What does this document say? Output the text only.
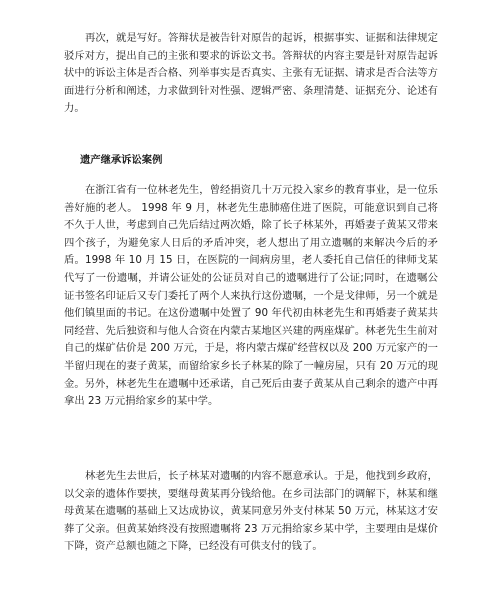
再次，就是写好。答辩状是被告针对原告的起诉，根据事实、证据和法律规定驳斥对方，提出自己的主张和要求的诉讼文书。答辩状的内容主要是针对原告起诉状中的诉讼主体是否合格、列举事实是否真实、主张有无证据、请求是否合法等方面进行分析和阐述，力求做到针对性强、逻辑严密、条理清楚、证据充分、论述有力。

遗产继承诉讼案例

在浙江省有一位林老先生，曾经捐资几十万元投入家乡的教育事业，是一位乐善好施的老人。 1998 年 9 月，林老先生患肺癌住进了医院，可能意识到自己将不久于人世，考虑到自己先后结过两次婚，除了长子林某外，再婚妻子黄某又带来四个孩子，为避免家人日后的矛盾冲突，老人想出了用立遗嘱的来解决今后的矛盾。1998 年 10 月 15 日，在医院的一间病房里，老人委托自己信任的律师戈某代写了一份遗嘱，并请公证处的公证员对自己的遗嘱进行了公证;同时，在遗嘱公证书签名印证后又专门委托了两个人来执行这份遗嘱，一个是戈律师，另一个就是他们镇里面的书记。在这份遗嘱中处置了 90 年代初由林老先生和再婚妻子黄某共同经营、先后独资和与他人合资在内蒙古某地区兴建的两座煤矿。林老先生生前对自己的煤矿估价是 200 万元，于是，将内蒙古煤矿经营权以及 200 万元家产的一半留归现在的妻子黄某，而留给家乡长子林某的除了一幢房屋，只有 20 万元的现金。另外，林老先生在遗嘱中还承诺，自己死后由妻子黄某从自己剩余的遗产中再拿出 23 万元捐给家乡的某中学。

林老先生去世后，长子林某对遗嘱的内容不愿意承认。于是，他找到乡政府，以父亲的遗体作要挟，要继母黄某再分钱给他。在乡司法部门的调解下，林某和继母黄某在遗嘱的基础上又达成协议，黄某同意另外支付林某 50 万元，林某这才安葬了父亲。但黄某始终没有按照遗嘱将 23 万元捐给家乡某中学，主要理由是煤价下降，资产总额也随之下降，已经没有可供支付的钱了。
